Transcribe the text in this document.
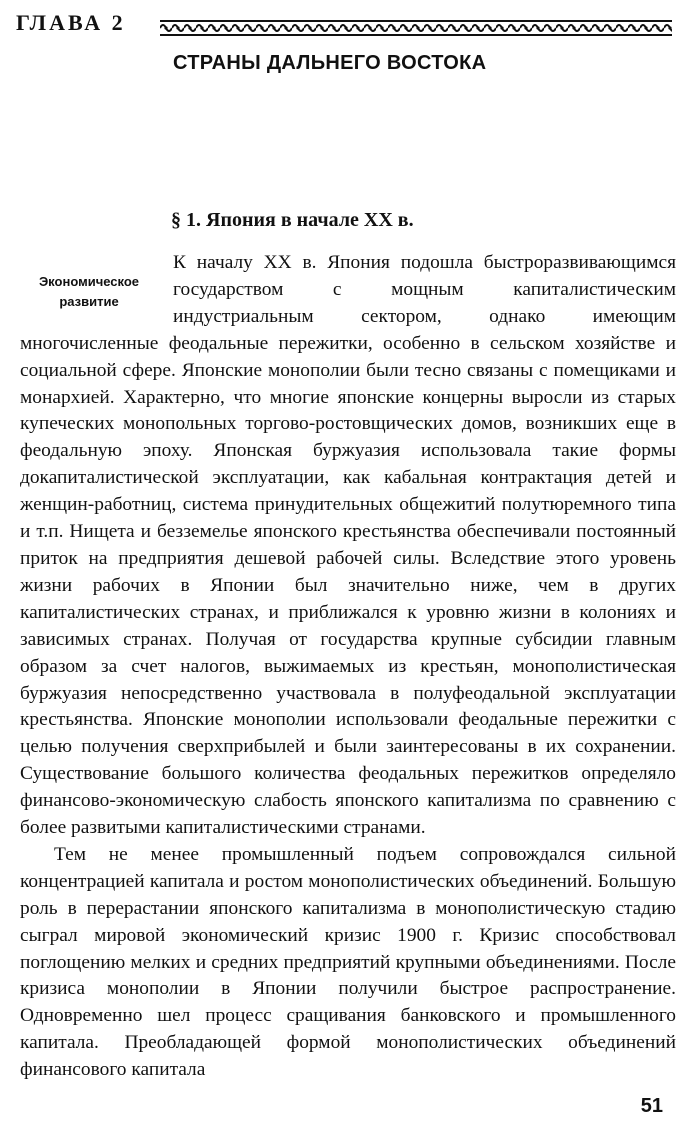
ГЛАВА 2
СТРАНЫ ДАЛЬНЕГО ВОСТОКА
§ 1. Япония в начале XX в.
Экономическое
развитие

К началу XX в. Япония подошла быстроразвивающимся государством с мощным капиталистическим индустриальным сектором, однако имеющим многочисленные феодальные пережитки, особенно в сельском хозяйстве и социальной сфере. Японские монополии были тесно связаны с помещиками и монархией. Характерно, что многие японские концерны выросли из старых купеческих монопольных торгово-ростовщических домов, возникших еще в феодальную эпоху. Японская буржуазия использовала такие формы докапиталистической эксплуатации, как кабальная контрактация детей и женщин-работниц, система принудительных общежитий полутюремного типа и т.п. Нищета и безземелье японского крестьянства обеспечивали постоянный приток на предприятия дешевой рабочей силы. Вследствие этого уровень жизни рабочих в Японии был значительно ниже, чем в других капиталистических странах, и приближался к уровню жизни в колониях и зависимых странах. Получая от государства крупные субсидии главным образом за счет налогов, выжимаемых из крестьян, монополистическая буржуазия непосредственно участвовала в полуфеодальной эксплуатации крестьянства. Японские монополии использовали феодальные пережитки с целью получения сверхприбылей и были заинтересованы в их сохранении. Существование большого количества феодальных пережитков определяло финансово-экономическую слабость японского капитализма по сравнению с более развитыми капиталистическими странами.

Тем не менее промышленный подъем сопровождался сильной концентрацией капитала и ростом монополистических объединений. Большую роль в перерастании японского капитализма в монополистическую стадию сыграл мировой экономический кризис 1900 г. Кризис способствовал поглощению мелких и средних предприятий крупными объединениями. После кризиса монополии в Японии получили быстрое распространение. Одновременно шел процесс сращивания банковского и промышленного капитала. Преобладающей формой монополистических объединений финансового капитала

51
